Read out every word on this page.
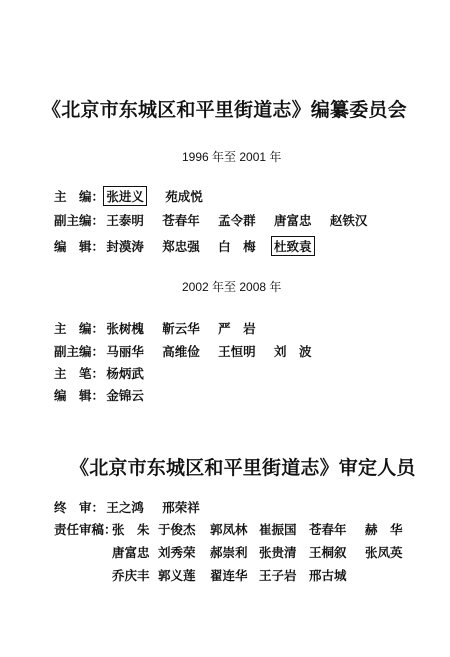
《北京市东城区和平里街道志》编纂委员会
1996 年至 2001 年
主　编： 张进义 苑成悦
副主编： 王泰明 苍春年 孟令群 唐富忠 赵铁汉
编　辑： 封漠涛 郑忠强 白　梅 杜致袁
2002 年至 2008 年
主　编： 张树槐 靳云华 严　岩
副主编： 马丽华 高维俭 王恒明 刘　波
主　笔： 杨炳武
编　辑： 金锦云
《北京市东城区和平里街道志》审定人员
终　审： 王之鸿 邢荣祥
责任审稿：
张　朱 于俊杰 郭凤林 崔振国 苍春年 赫　华
唐富忠 刘秀荣 郝崇利 张贵清 王桐叙 张凤英
乔庆丰 郭义莲 翟连华 王子岩 邢古城
